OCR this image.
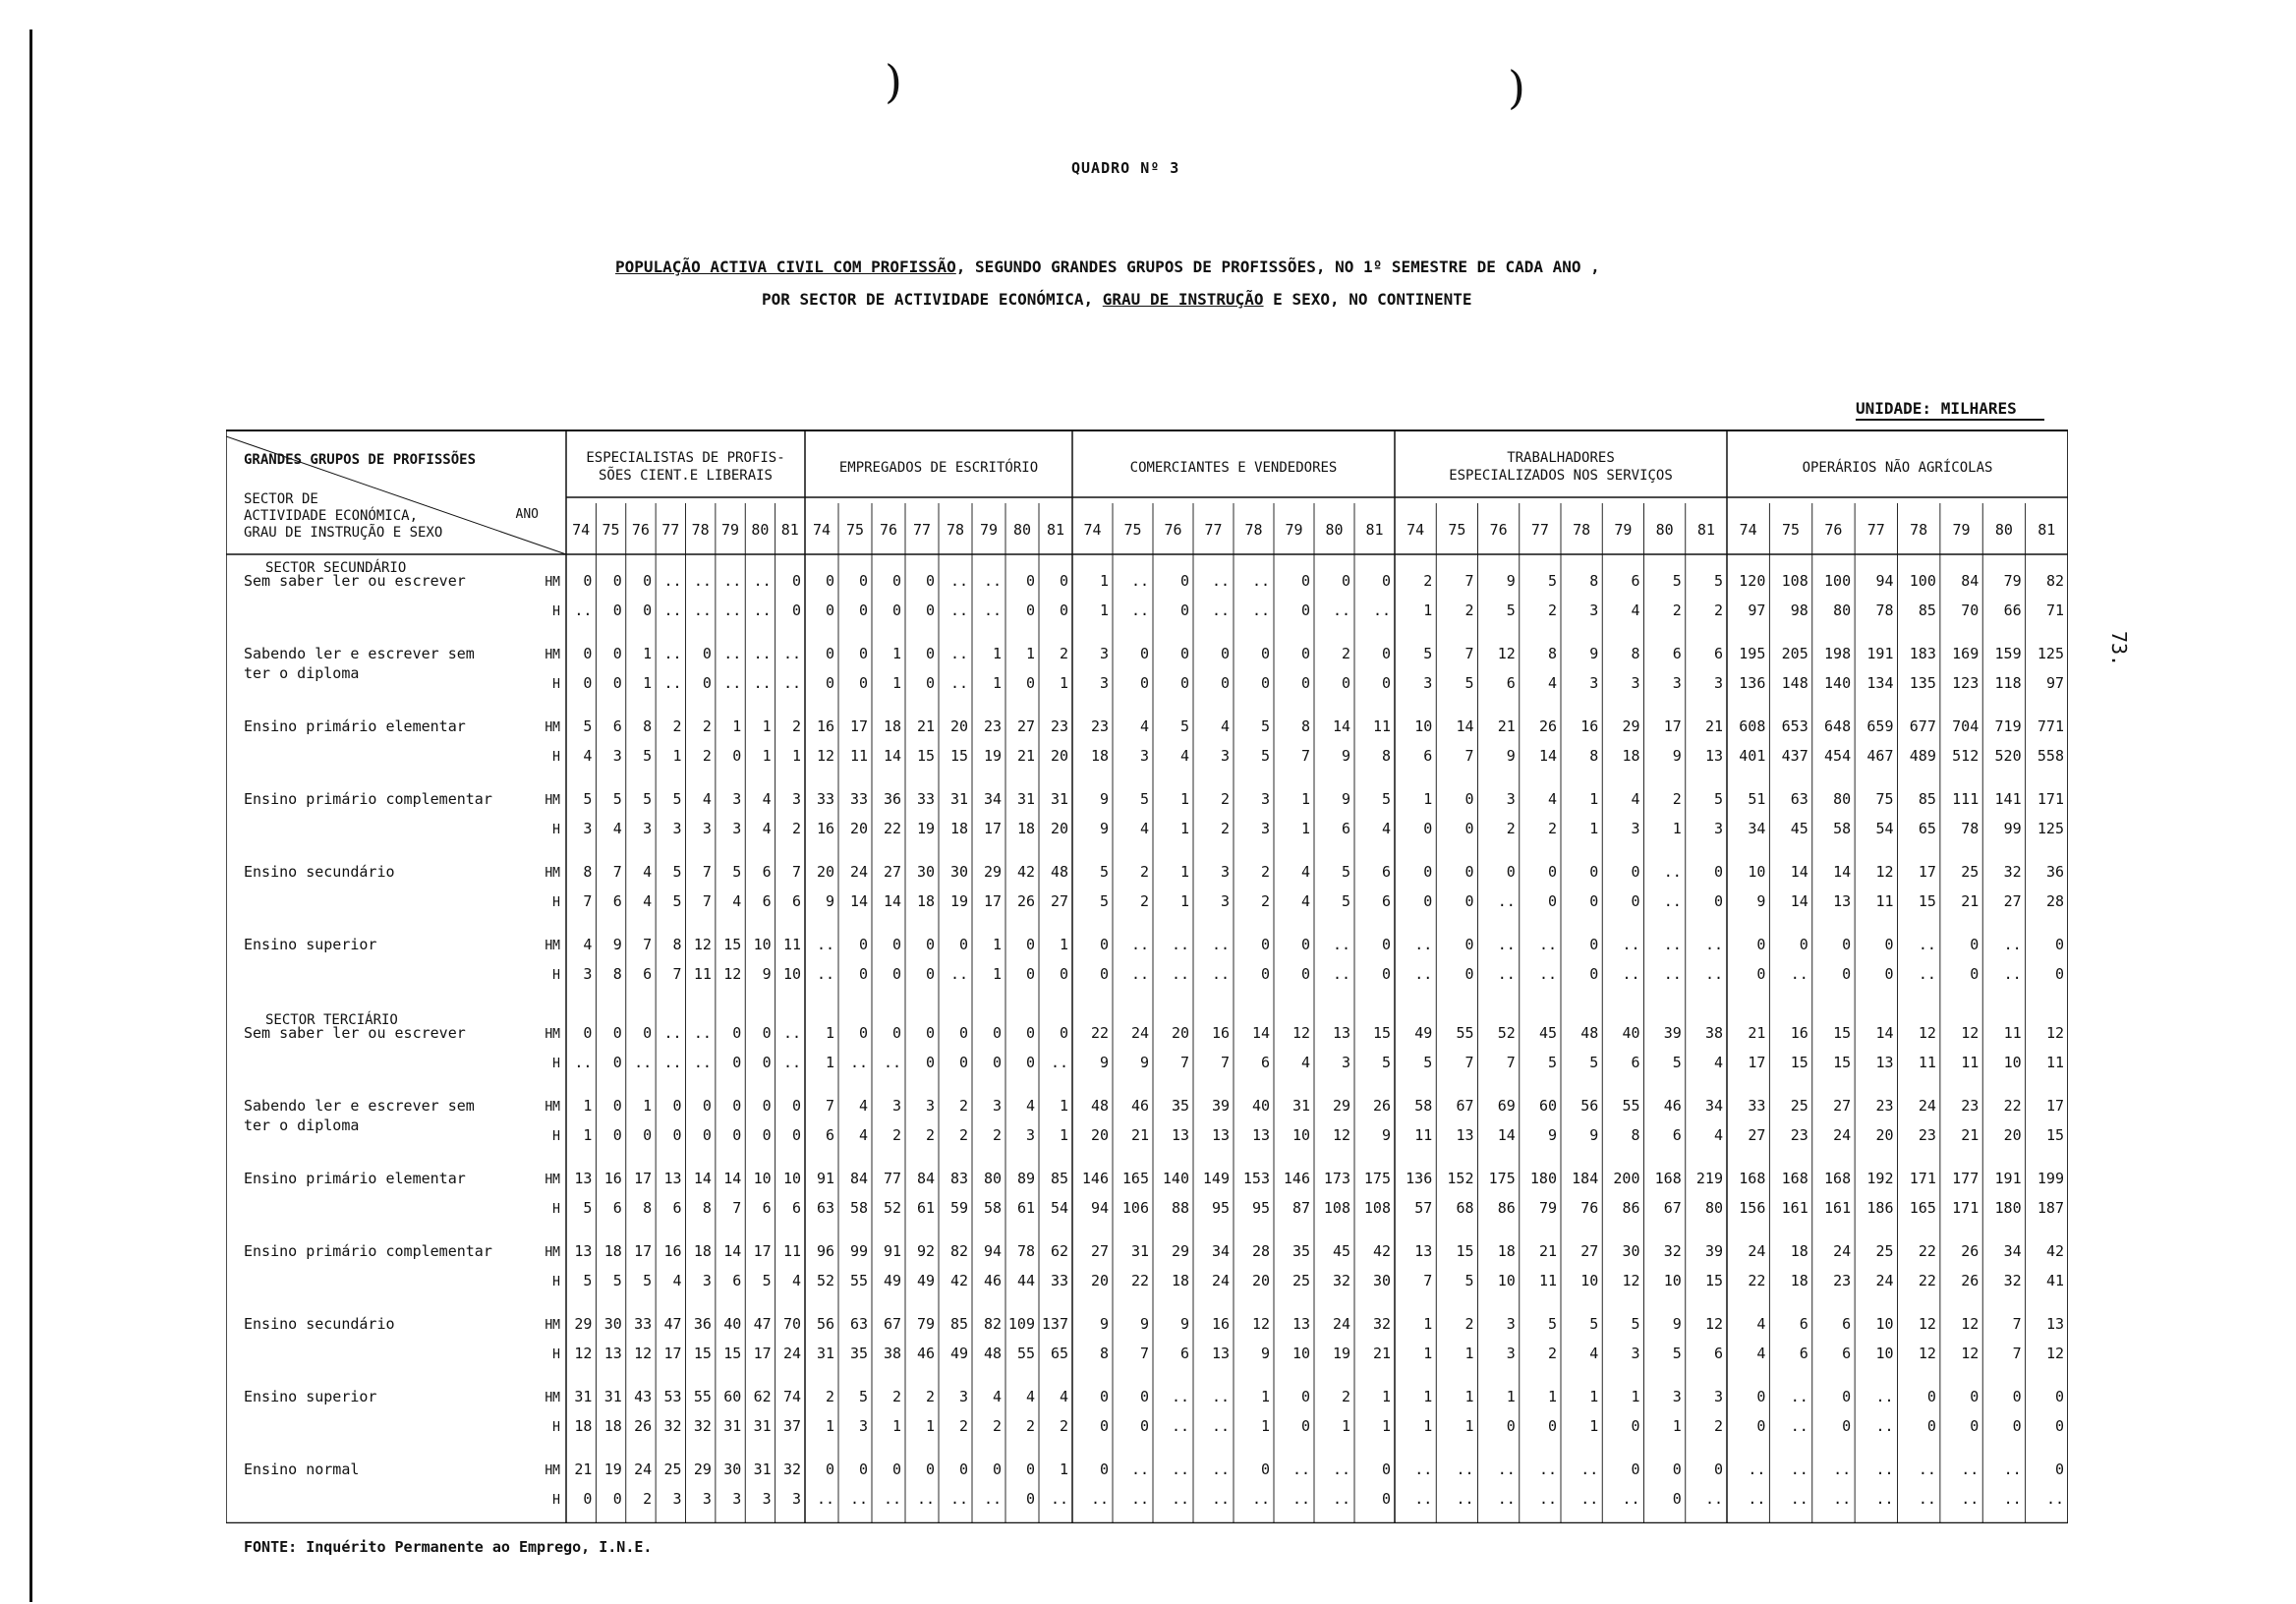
)	)
QUADRO Nº 3
POPULAÇÃO ACTIVA CIVIL COM PROFISSÃO, SEGUNDO GRANDES GRUPOS DE PROFISSÕES, NO 1º SEMESTRE DE CADA ANO ,
POR SECTOR DE ACTIVIDADE ECONÓMICA, GRAU DE INSTRUÇÃO E SEXO, NO CONTINENTE
UNIDADE: MILHARES
73.
GRANDES GRUPOS DE PROFISSÕES
ANO
SECTOR DE
ACTIVIDADE ECONÓMICA,
GRAU DE INSTRUÇÃO E SEXO
ESPECIALISTAS DE PROFIS-
SÕES CIENT.E LIBERAIS
74 75 76 77 78 79 80 81
EMPREGADOS DE ESCRITÓRIO
74 75 76 77 78 79 80 81
COMERCIANTES E VENDEDORES
74 75 76 77 78 79 80 81
TRABALHADORES
ESPECIALIZADOS NOS SERVIÇOS
74 75 76 77 78 79 80 81
OPERÁRIOS NÃO AGRÍCOLAS
74 75 76 77 78 79 80 81
SECTOR SECUNDÁRIO
Sem saber ler ou escrever	HM 0 0 0 .. .. .. .. 0 0 0 0 0 .. .. 0 0 1 .. 0 .. .. 0 0 0 2 7 9 5 8 6 5 5 120 108 100 94 100 84 79 82
H .. 0 0 .. .. .. .. 0 0 0 0 0 .. .. 0 0 1 .. 0 .. .. 0 .. .. 1 2 5 2 3 4 2 2 97 98 80 78 85 70 66 71
Sabendo ler e escrever sem
ter o diploma
HM 0 0 1 .. 0 .. .. .. 0 0 1 0 .. 1 1 2 3 0 0 0 0 0 2 0 5 7 12 8 9 8 6 6 195 205 198 191 183 169 159 125
H 0 0 1 .. 0 .. .. .. 0 0 1 0 .. 1 0 1 3 0 0 0 0 0 0 0 3 5 6 4 3 3 3 3 136 148 140 134 135 123 118 97
Ensino primário elementar	HM 5 6 8 2 2 1 1 2 16 17 18 21 20 23 27 23 23 4 5 4 5 8 14 11 10 14 21 26 16 29 17 21 608 653 648 659 677 704 719 771
H 4 3 5 1 2 0 1 1 12 11 14 15 15 19 21 20 18 3 4 3 5 7 9 8 6 7 9 14 8 18 9 13 401 437 454 467 489 512 520 558
Ensino primário complementar	HM 5 5 5 5 4 3 4 3 33 33 36 33 31 34 31 31 9 5 1 2 3 1 9 5 1 0 3 4 1 4 2 5 51 63 80 75 85 111 141 171
H 3 4 3 3 3 3 4 2 16 20 22 19 18 17 18 20 9 4 1 2 3 1 6 4 0 0 2 2 1 3 1 3 34 45 58 54 65 78 99 125
Ensino secundário	HM 8 7 4 5 7 5 6 7 20 24 27 30 30 29 42 48 5 2 1 3 2 4 5 6 0 0 0 0 0 0 .. 0 10 14 14 12 17 25 32 36
H 7 6 4 5 7 4 6 6 9 14 14 18 19 17 26 27 5 2 1 3 2 4 5 6 0 0 .. 0 0 0 .. 0 9 14 13 11 15 21 27 28
Ensino superior	HM 4 9 7 8 12 15 10 11 .. 0 0 0 0 1 0 1 0 .. .. .. 0 0 .. 0 .. 0 .. .. 0 .. .. .. 0 0 0 0 .. 0 .. 0
H 3 8 6 7 11 12 9 10 .. 0 0 0 .. 1 0 0 0 .. .. .. 0 0 .. 0 .. 0 .. .. 0 .. .. .. 0 .. 0 0 .. 0 .. 0
SECTOR TERCIÁRIO
Sem saber ler ou escrever	HM 0 0 0 .. .. 0 0 .. 1 0 0 0 0 0 0 0 22 24 20 16 14 12 13 15 49 55 52 45 48 40 39 38 21 16 15 14 12 12 11 12
H .. 0 .. .. .. 0 0 .. 1 .. .. 0 0 0 0 .. 9 9 7 7 6 4 3 5 5 7 7 5 5 6 5 4 17 15 15 13 11 11 10 11
Sabendo ler e escrever sem
ter o diploma
HM 1 0 1 0 0 0 0 0 7 4 3 3 2 3 4 1 48 46 35 39 40 31 29 26 58 67 69 60 56 55 46 34 33 25 27 23 24 23 22 17
H 1 0 0 0 0 0 0 0 6 4 2 2 2 2 3 1 20 21 13 13 13 10 12 9 11 13 14 9 9 8 6 4 27 23 24 20 23 21 20 15
Ensino primário elementar	HM 13 16 17 13 14 14 10 10 91 84 77 84 83 80 89 85 146 165 140 149 153 146 173 175 136 152 175 180 184 200 168 219 168 168 168 192 171 177 191 199
H 5 6 8 6 8 7 6 6 63 58 52 61 59 58 61 54 94 106 88 95 95 87 108 108 57 68 86 79 76 86 67 80 156 161 161 186 165 171 180 187
Ensino primário complementar	HM 13 18 17 16 18 14 17 11 96 99 91 92 82 94 78 62 27 31 29 34 28 35 45 42 13 15 18 21 27 30 32 39 24 18 24 25 22 26 34 42
H 5 5 5 4 3 6 5 4 52 55 49 49 42 46 44 33 20 22 18 24 20 25 32 30 7 5 10 11 10 12 10 15 22 18 23 24 22 26 32 41
Ensino secundário	HM 29 30 33 47 36 40 47 70 56 63 67 79 85 82 109 137 9 9 9 16 12 13 24 32 1 2 3 5 5 5 9 12 4 6 6 10 12 12 7 13
H 12 13 12 17 15 15 17 24 31 35 38 46 49 48 55 65 8 7 6 13 9 10 19 21 1 1 3 2 4 3 5 6 4 6 6 10 12 12 7 12
Ensino superior	HM 31 31 43 53 55 60 62 74 2 5 2 2 3 4 4 4 0 0 .. .. 1 0 2 1 1 1 1 1 1 1 3 3 0 .. 0 .. 0 0 0 0
H 18 18 26 32 32 31 31 37 1 3 1 1 2 2 2 2 0 0 .. .. 1 0 1 1 1 1 0 0 1 0 1 2 0 .. 0 .. 0 0 0 0
Ensino normal	HM 21 19 24 25 29 30 31 32 0 0 0 0 0 0 0 1 0 .. .. .. 0 .. .. 0 .. .. .. .. .. 0 0 0 .. .. .. .. .. .. .. 0
H 0 0 2 3 3 3 3 3 .. .. .. .. .. .. 0 .. .. .. .. .. .. .. .. 0 .. .. .. .. .. .. 0 .. .. .. .. .. .. .. .. ..
FONTE: Inquérito Permanente ao Emprego, I.N.E.
